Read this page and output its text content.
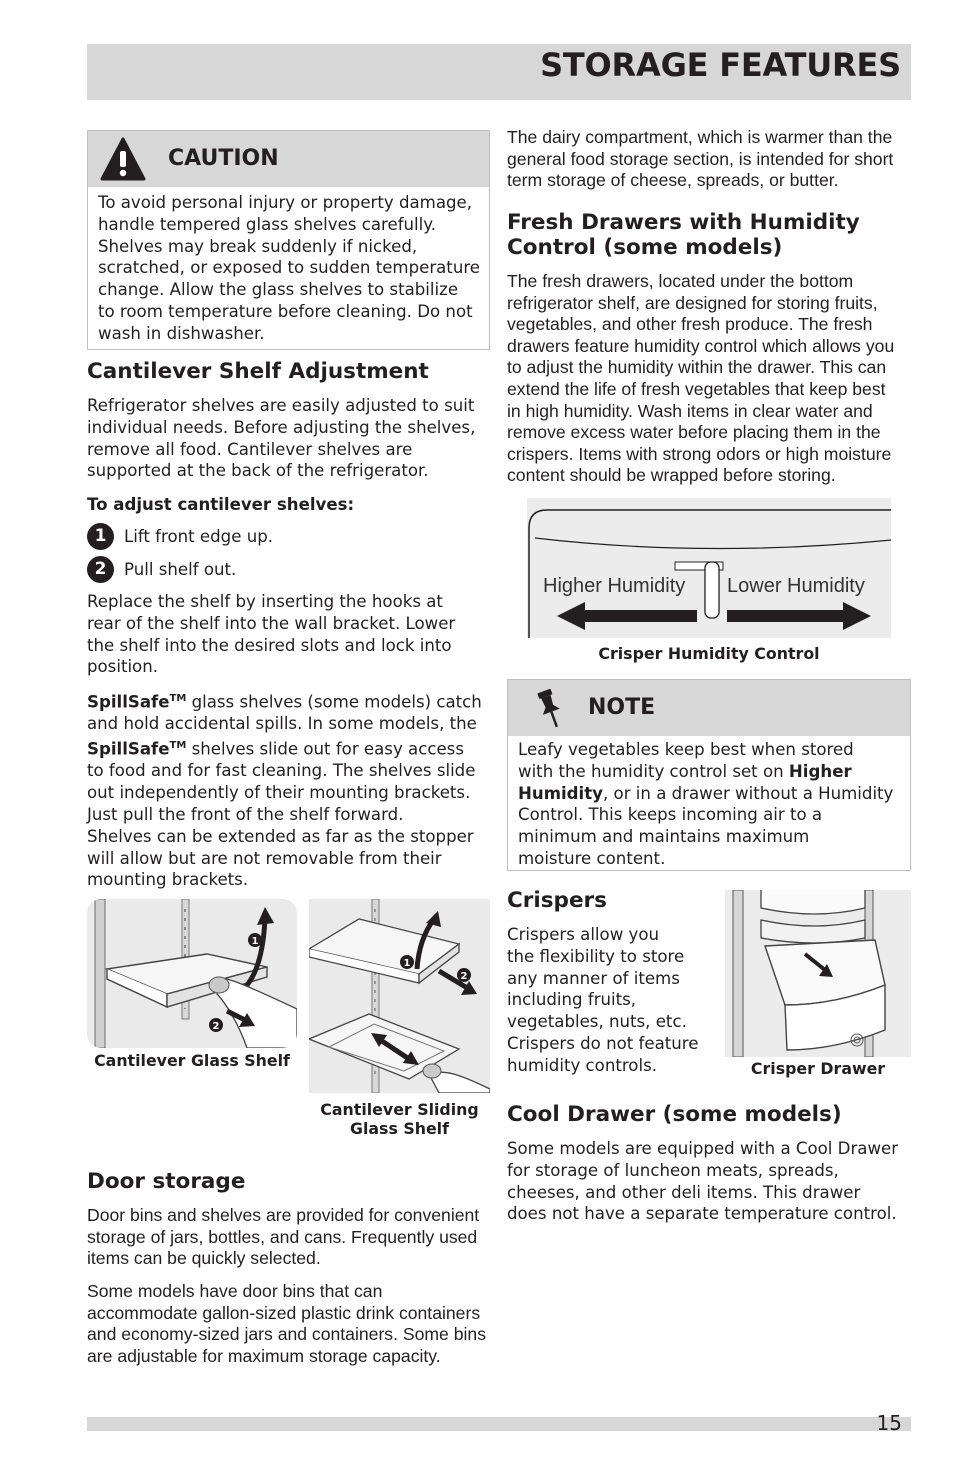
STORAGE FEATURES
CAUTION

To avoid personal injury or property damage,

handle tempered glass shelves carefully.

Shelves may break suddenly if nicked,

scratched, or exposed to sudden temperature

change. Allow the glass shelves to stabilize

to room temperature before cleaning. Do not

wash in dishwasher.

Cantilever Shelf Adjustment

Refrigerator shelves are easily adjusted to suit

individual needs. Before adjusting the shelves,

remove all food. Cantilever shelves are

supported at the back of the refrigerator.

To adjust cantilever shelves:
1	Lift front edge up.
2	Pull shelf out.

Replace the shelf by inserting the hooks at

rear of the shelf into the wall bracket. Lower

the shelf into the desired slots and lock into

position.

SpillSafe™ glass shelves (some models) catch

and hold accidental spills. In some models, the

SpillSafe™ shelves slide out for easy access

to food and for fast cleaning. The shelves slide

out independently of their mounting brackets.

Just pull the front of the shelf forward.

Shelves can be extended as far as the stopper

will allow but are not removable from their

mounting brackets.

1
2
Cantilever Glass Shelf
1
2
Cantilever Sliding
Glass Shelf
Door storage

Door bins and shelves are provided for convenient

storage of jars, bottles, and cans. Frequently used

items can be quickly selected.

Some models have door bins that can

accommodate gallon-sized plastic drink containers

and economy-sized jars and containers. Some bins

are adjustable for maximum storage capacity.

The dairy compartment, which is warmer than the

general food storage section, is intended for short

term storage of cheese, spreads, or butter.

Fresh Drawers with Humidity
Control (some models)

The fresh drawers, located under the bottom

refrigerator shelf, are designed for storing fruits,

vegetables, and other fresh produce. The fresh

drawers feature humidity control which allows you

to adjust the humidity within the drawer. This can

extend the life of fresh vegetables that keep best

in high humidity. Wash items in clear water and

remove excess water before placing them in the

crispers. Items with strong odors or high moisture

content should be wrapped before storing.

Higher Humidity Lower Humidity
Crisper Humidity Control
NOTE

Leafy vegetables keep best when stored

with the humidity control set on Higher

Humidity, or in a drawer without a Humidity

Control. This keeps incoming air to a

minimum and maintains maximum

moisture content.

Crispers

Crispers allow you

the flexibility to store

any manner of items

including fruits,

vegetables, nuts, etc.

Crispers do not feature

humidity controls.	Crisper Drawer
Cool Drawer (some models)

Some models are equipped with a Cool Drawer

for storage of luncheon meats, spreads,

cheeses, and other deli items. This drawer

does not have a separate temperature control.

15
